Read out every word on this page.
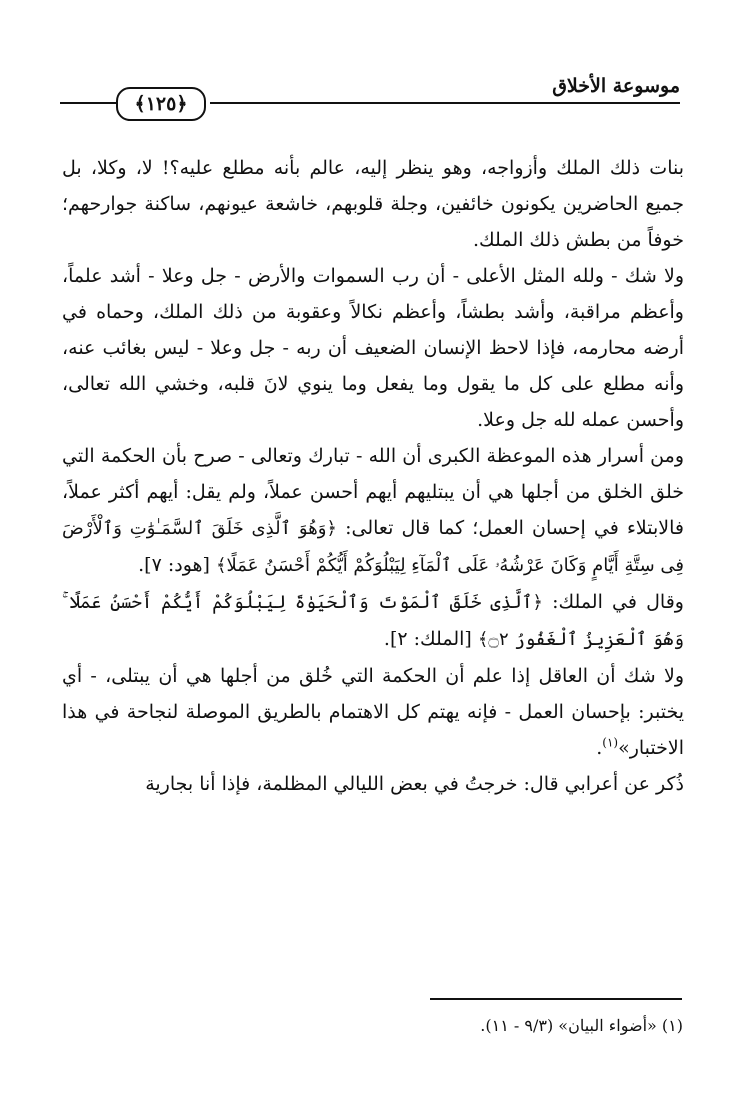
موسوعة الأخلاق
﴿١٢٥﴾

بنات ذلك الملك وأزواجه، وهو ينظر إليه، عالم بأنه مطلع عليه؟! لا، وكلا، بل جميع الحاضرين يكونون خائفين، وجلة قلوبهم، خاشعة عيونهم، ساكنة جوارحهم؛ خوفاً من بطش ذلك الملك.

ولا شك - ولله المثل الأعلى - أن رب السموات والأرض - جل وعلا - أشد علماً، وأعظم مراقبة، وأشد بطشاً، وأعظم نكالاً وعقوبة من ذلك الملك، وحماه في أرضه محارمه، فإذا لاحظ الإنسان الضعيف أن ربه - جل وعلا - ليس بغائب عنه، وأنه مطلع على كل ما يقول وما يفعل وما ينوي لانَ قلبه، وخشي الله تعالى، وأحسن عمله لله جل وعلا.

ومن أسرار هذه الموعظة الكبرى أن الله - تبارك وتعالى - صرح بأن الحكمة التي خلق الخلق من أجلها هي أن يبتليهم أيهم أحسن عملاً، ولم يقل: أيهم أكثر عملاً، فالابتلاء في إحسان العمل؛ كما قال تعالى: ﴿وَهُوَ ٱلَّذِى خَلَقَ ٱلسَّمَـٰوَٰتِ وَٱلْأَرْضَ فِى سِتَّةِ أَيَّامٍ وَكَانَ عَرْشُهُۥ عَلَى ٱلْمَآءِ لِيَبْلُوَكُمْ أَيُّكُمْ أَحْسَنُ عَمَلًا﴾ [هود: ٧].

وقال في الملك: ﴿ٱلَّذِى خَلَقَ ٱلْمَوْتَ وَٱلْحَيَوٰةَ لِيَبْلُوَكُمْ أَيُّكُمْ أَحْسَنُ عَمَلًا ۚ وَهُوَ ٱلْعَزِيزُ ٱلْغَفُورُ ۝٢﴾ [الملك: ٢].

ولا شك أن العاقل إذا علم أن الحكمة التي خُلق من أجلها هي أن يبتلى، - أي يختبر: بإحسان العمل - فإنه يهتم كل الاهتمام بالطريق الموصلة لنجاحة في هذا الاختبار»$^{(١)}$.

ذُكر عن أعرابي قال: خرجتُ في بعض الليالي المظلمة، فإذا أنا بجارية

(١) «أضواء البيان» (٩/٣ - ١١).
